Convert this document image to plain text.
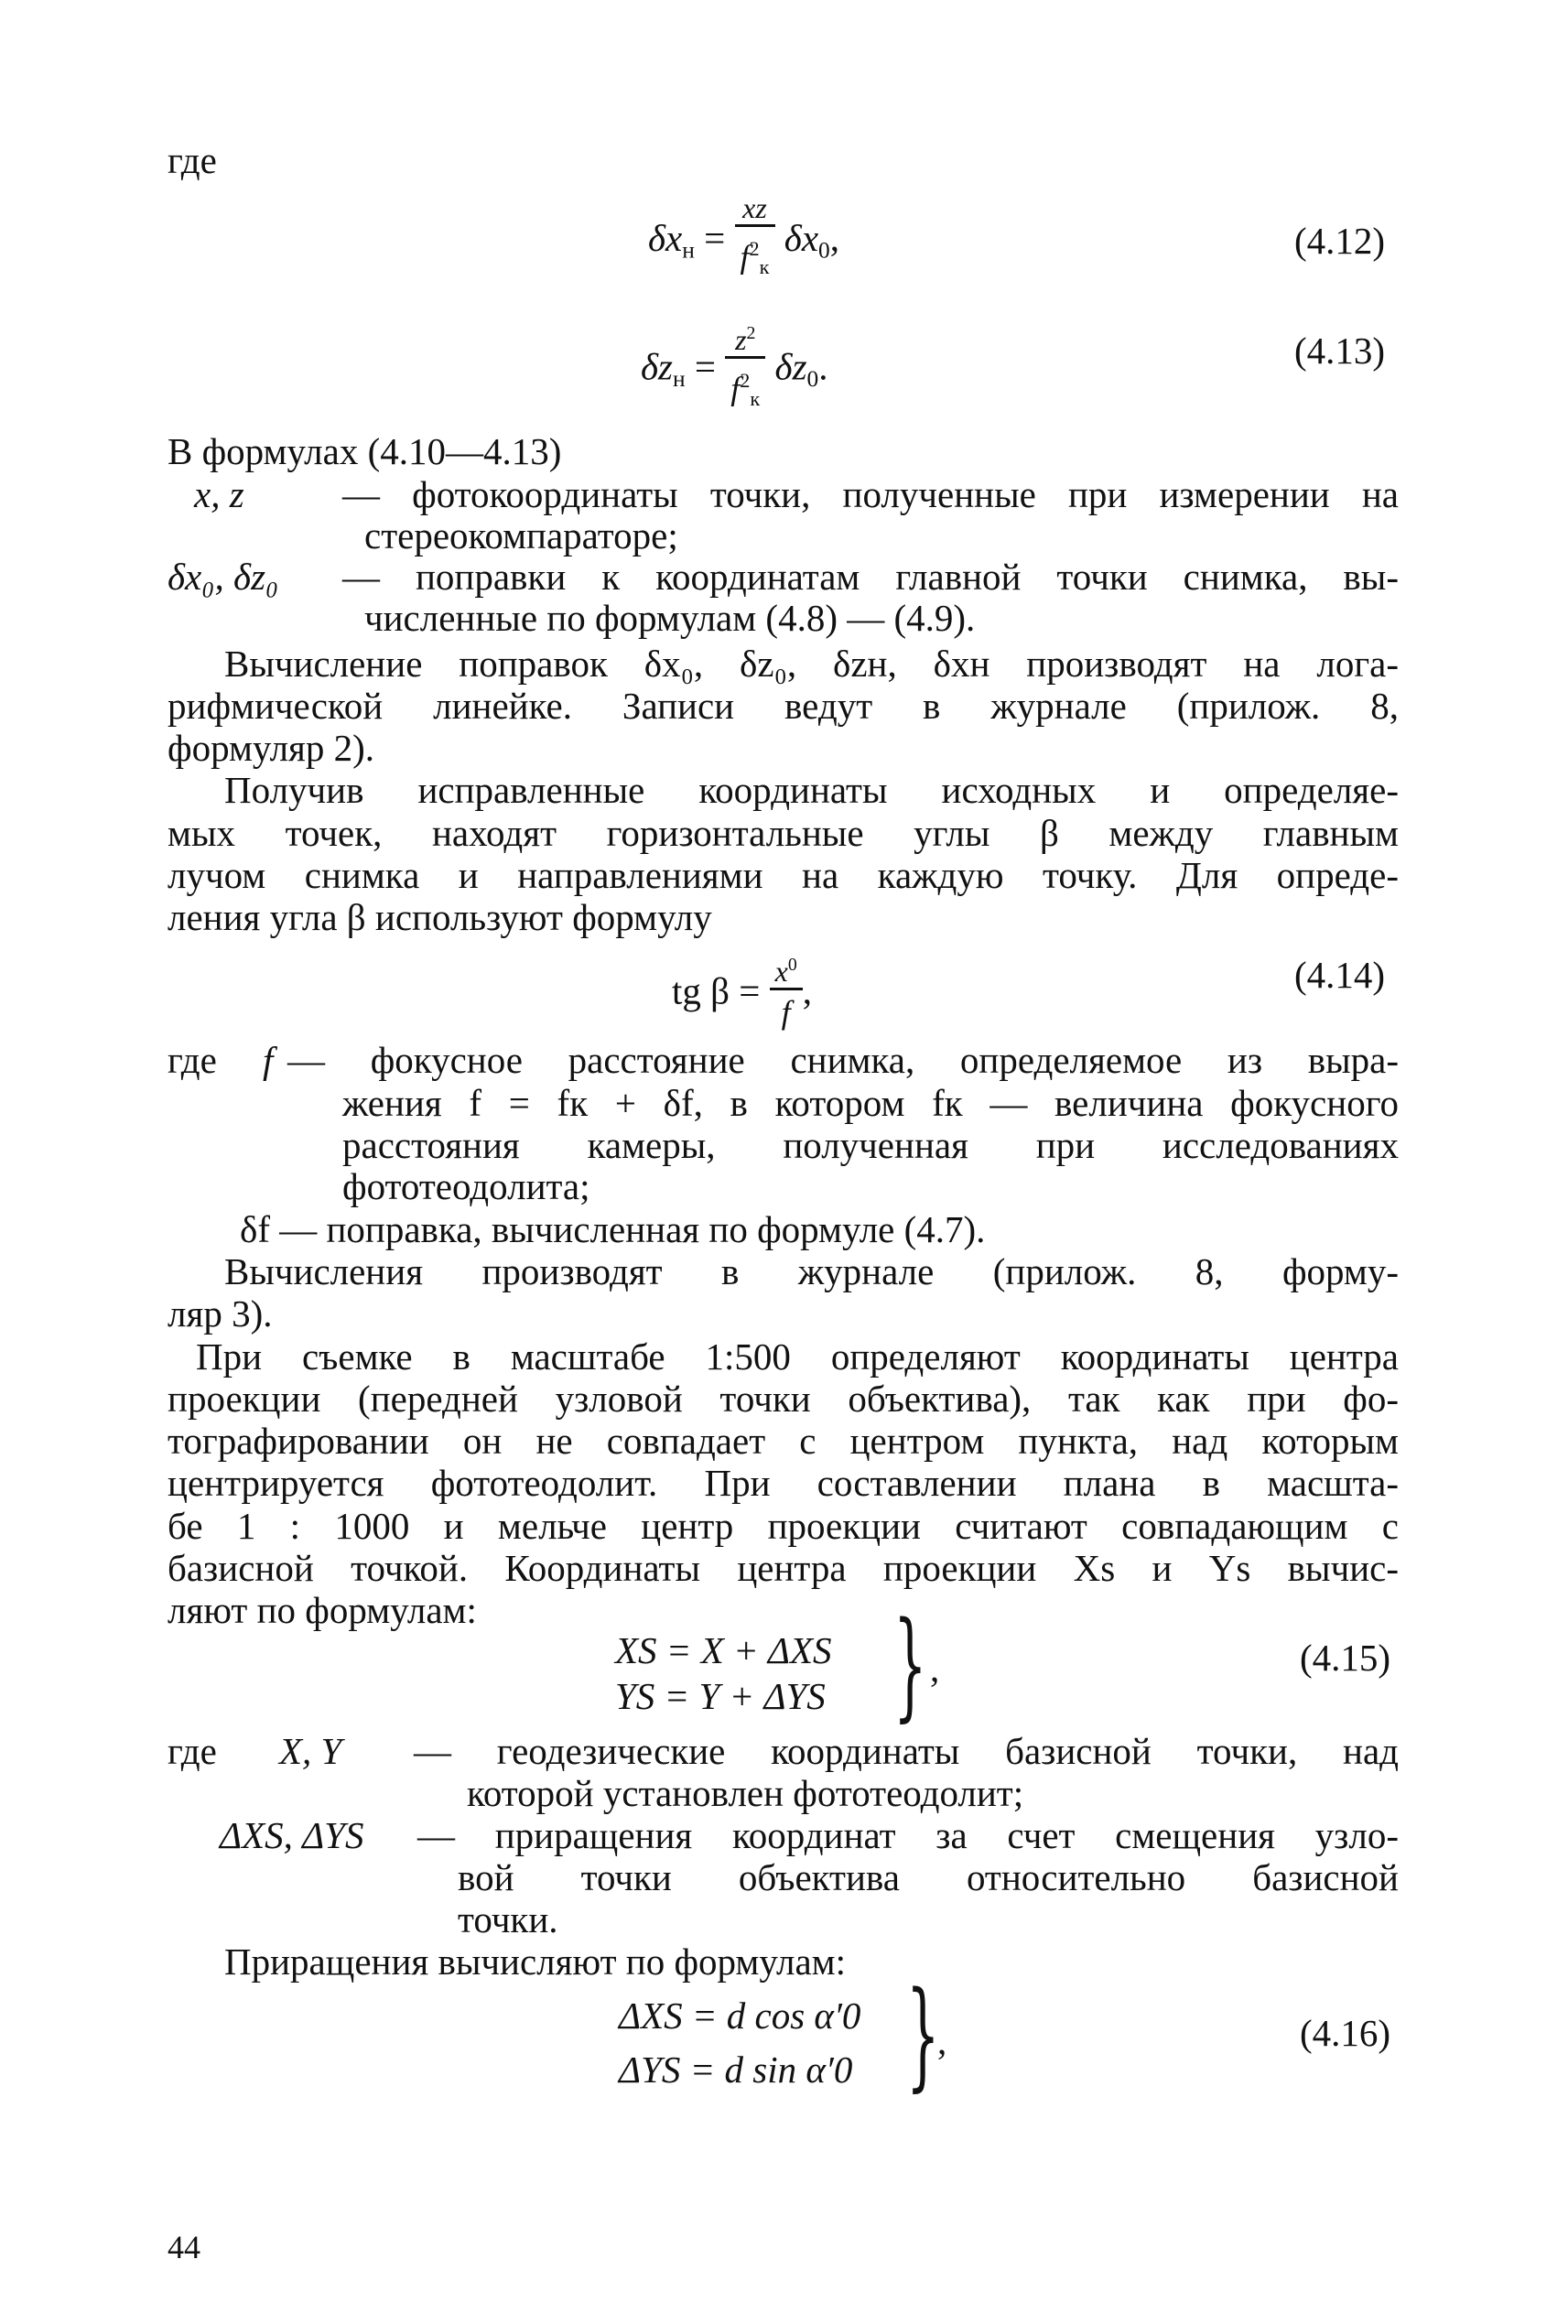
где
$\delta x_н = \frac{xz}{f^2_к} \delta x_0$,	(4.12)
$\delta z_н = \frac{z^2}{f^2_к} \delta z_0$.	(4.13)
В формулах (4.10—4.13)
x, z	— фотокоординаты точки, полученные при измерении на
стереокомпараторе;
δx₀, δz₀ — поправки к координатам главной точки снимка, вы-
численные по формулам (4.8) — (4.9).
Вычисление поправок δx₀, δz₀, δzн, δxн производят на лога-
рифмической линейке. Записи ведут в журнале (прилож. 8,
формуляр 2).
Получив исправленные координаты исходных и определяе-
мых точек, находят горизонтальные углы β между главным
лучом снимка и направлениями на каждую точку. Для опреде-
ления угла β используют формулу
tg $\beta = \frac{x^0}{f}$ ,	(4.14)
где f — фокусное расстояние снимка, определяемое из выра-
жения f = fк + δf, в котором fк — величина фокусного
расстояния камеры, полученная при исследованиях
фототеодолита;
δf — поправка, вычисленная по формуле (4.7).
Вычисления производят в журнале (прилож. 8, форму-
ляр 3).
При съемке в масштабе 1:500 определяют координаты центра
проекции (передней узловой точки объектива), так как при фо-
тографировании он не совпадает с центром пункта, над которым
центрируется фототеодолит. При составлении плана в масшта-
бе 1 : 1000 и мельче центр проекции считают совпадающим с
базисной точкой. Координаты центра проекции Xs и Ys вычис-
ляют по формулам:
XS = X + ΔXS
YS = Y + ΔYS } ,	(4.15)
где X, Y — геодезические координаты базисной точки, над
которой установлен фототеодолит;
ΔXS, ΔYS — приращения координат за счет смещения узло-
вой точки объектива относительно базисной
точки.
Приращения вычисляют по формулам:
ΔXS = d cos α′0
ΔYS = d sin α′0 }
,	(4.16)
44
